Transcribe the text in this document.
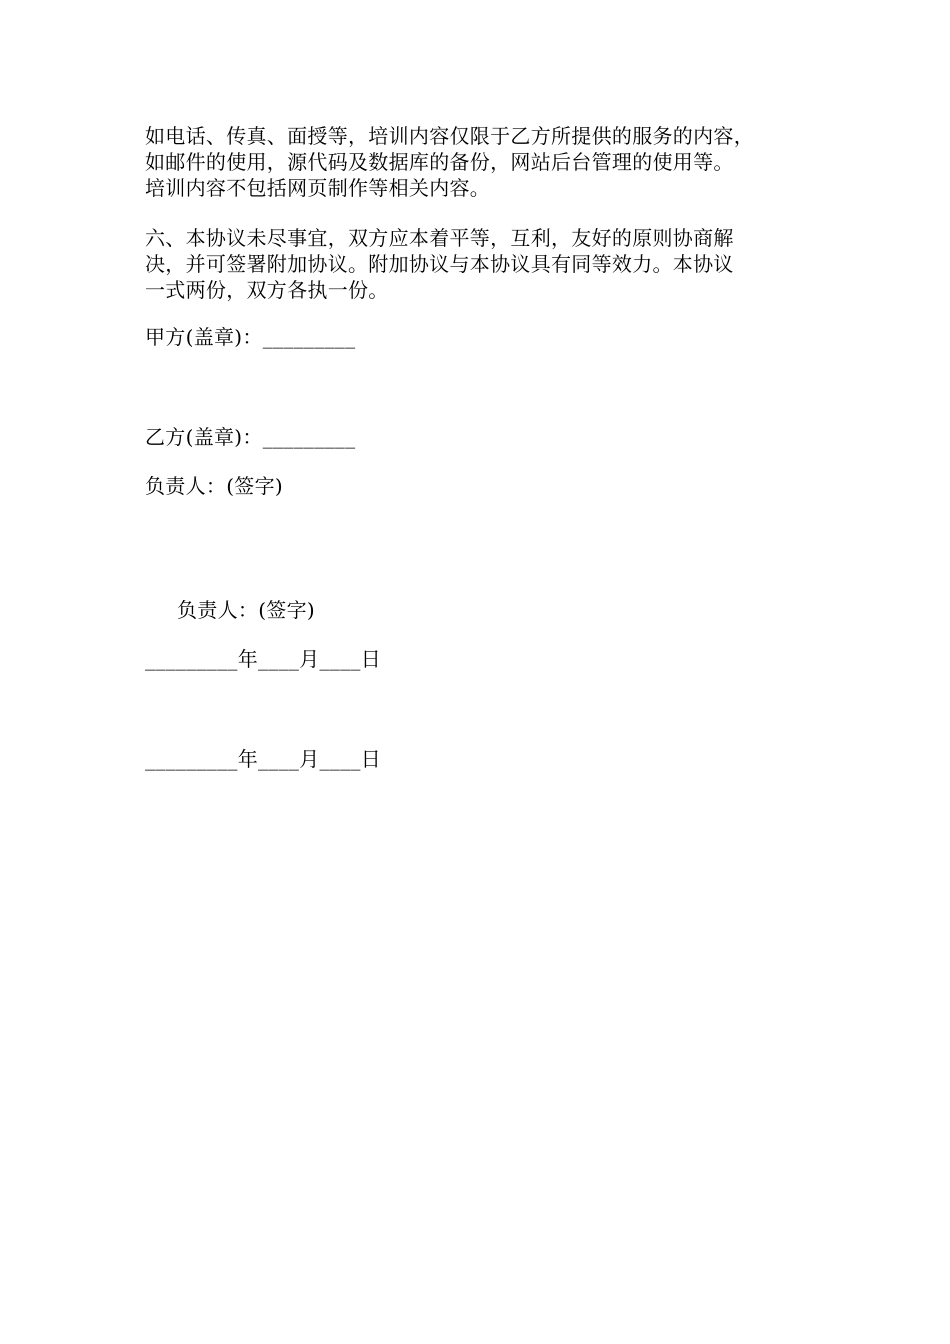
如电话、传真、面授等，培训内容仅限于乙方所提供的服务的内容，
如邮件的使用，源代码及数据库的备份，网站后台管理的使用等。
培训内容不包括网页制作等相关内容。
六、本协议未尽事宜，双方应本着平等，互利，友好的原则协商解
决，并可签署附加协议。附加协议与本协议具有同等效力。本协议
一式两份，双方各执一份。
甲方(盖章)：_________
乙方(盖章)：_________
负责人：(签字)
负责人：(签字)
_________年____月____日
_________年____月____日
